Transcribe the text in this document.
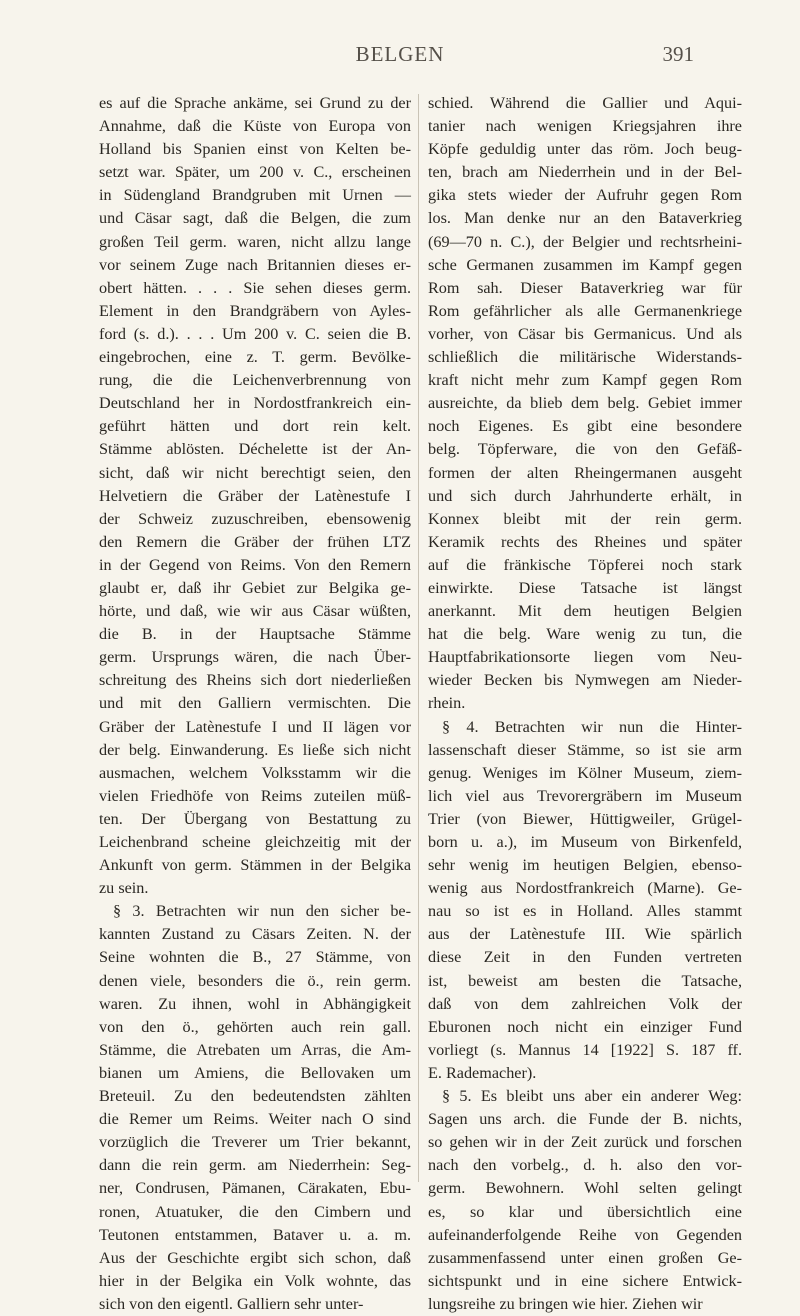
BELGEN	391
es auf die Sprache ankäme, sei Grund zu der
Annahme, daß die Küste von Europa von
Holland bis Spanien einst von Kelten be-
setzt war. Später, um 200 v. C., erscheinen
in Südengland Brandgruben mit Urnen —
und Cäsar sagt, daß die Belgen, die zum
großen Teil germ. waren, nicht allzu lange
vor seinem Zuge nach Britannien dieses er-
obert hätten. . . . Sie sehen dieses germ.
Element in den Brandgräbern von Ayles-
ford (s. d.). . . . Um 200 v. C. seien die B.
eingebrochen, eine z. T. germ. Bevölke-
rung, die die Leichenverbrennung von
Deutschland her in Nordostfrankreich ein-
geführt hätten und dort rein kelt.
Stämme ablösten. Déchelette ist der An-
sicht, daß wir nicht berechtigt seien, den
Helvetiern die Gräber der Latènestufe I
der Schweiz zuzuschreiben, ebensowenig
den Remern die Gräber der frühen LTZ
in der Gegend von Reims. Von den Remern
glaubt er, daß ihr Gebiet zur Belgika ge-
hörte, und daß, wie wir aus Cäsar wüßten,
die B. in der Hauptsache Stämme
germ. Ursprungs wären, die nach Über-
schreitung des Rheins sich dort niederließen
und mit den Galliern vermischten. Die
Gräber der Latènestufe I und II lägen vor
der belg. Einwanderung. Es ließe sich nicht
ausmachen, welchem Volksstamm wir die
vielen Friedhöfe von Reims zuteilen müß-
ten. Der Übergang von Bestattung zu
Leichenbrand scheine gleichzeitig mit der
Ankunft von germ. Stämmen in der Belgika
zu sein.
§ 3. Betrachten wir nun den sicher be-
kannten Zustand zu Cäsars Zeiten. N. der
Seine wohnten die B., 27 Stämme, von
denen viele, besonders die ö., rein germ.
waren. Zu ihnen, wohl in Abhängigkeit
von den ö., gehörten auch rein gall.
Stämme, die Atrebaten um Arras, die Am-
bianen um Amiens, die Bellovaken um
Breteuil. Zu den bedeutendsten zählten
die Remer um Reims. Weiter nach O sind
vorzüglich die Treverer um Trier bekannt,
dann die rein germ. am Niederrhein: Seg-
ner, Condrusen, Pämanen, Cärakaten, Ebu-
ronen, Atuatuker, die den Cimbern und
Teutonen entstammen, Bataver u. a. m.
Aus der Geschichte ergibt sich schon, daß
hier in der Belgika ein Volk wohnte, das
sich von den eigentl. Galliern sehr unter-
schied. Während die Gallier und Aqui-
tanier nach wenigen Kriegsjahren ihre
Köpfe geduldig unter das röm. Joch beug-
ten, brach am Niederrhein und in der Bel-
gika stets wieder der Aufruhr gegen Rom
los. Man denke nur an den Bataverkrieg
(69—70 n. C.), der Belgier und rechtsrheini-
sche Germanen zusammen im Kampf gegen
Rom sah. Dieser Bataverkrieg war für
Rom gefährlicher als alle Germanenkriege
vorher, von Cäsar bis Germanicus. Und als
schließlich die militärische Widerstands-
kraft nicht mehr zum Kampf gegen Rom
ausreichte, da blieb dem belg. Gebiet immer
noch Eigenes. Es gibt eine besondere
belg. Töpferware, die von den Gefäß-
formen der alten Rheingermanen ausgeht
und sich durch Jahrhunderte erhält, in
Konnex bleibt mit der rein germ.
Keramik rechts des Rheines und später
auf die fränkische Töpferei noch stark
einwirkte. Diese Tatsache ist längst
anerkannt. Mit dem heutigen Belgien
hat die belg. Ware wenig zu tun, die
Hauptfabrikationsorte liegen vom Neu-
wieder Becken bis Nymwegen am Nieder-
rhein.
§ 4. Betrachten wir nun die Hinter-
lassenschaft dieser Stämme, so ist sie arm
genug. Weniges im Kölner Museum, ziem-
lich viel aus Trevorergräbern im Museum
Trier (von Biewer, Hüttigweiler, Grügel-
born u. a.), im Museum von Birkenfeld,
sehr wenig im heutigen Belgien, ebenso-
wenig aus Nordostfrankreich (Marne). Ge-
nau so ist es in Holland. Alles stammt
aus der Latènestufe III. Wie spärlich
diese Zeit in den Funden vertreten
ist, beweist am besten die Tatsache,
daß von dem zahlreichen Volk der
Eburonen noch nicht ein einziger Fund
vorliegt (s. Mannus 14 [1922] S. 187 ff.
E. Rademacher).
§ 5. Es bleibt uns aber ein anderer Weg:
Sagen uns arch. die Funde der B. nichts,
so gehen wir in der Zeit zurück und forschen
nach den vorbelg., d. h. also den vor-
germ. Bewohnern. Wohl selten gelingt
es, so klar und übersichtlich eine
aufeinanderfolgende Reihe von Gegenden
zusammenfassend unter einen großen Ge-
sichtspunkt und in eine sichere Entwick-
lungsreihe zu bringen wie hier. Ziehen wir
